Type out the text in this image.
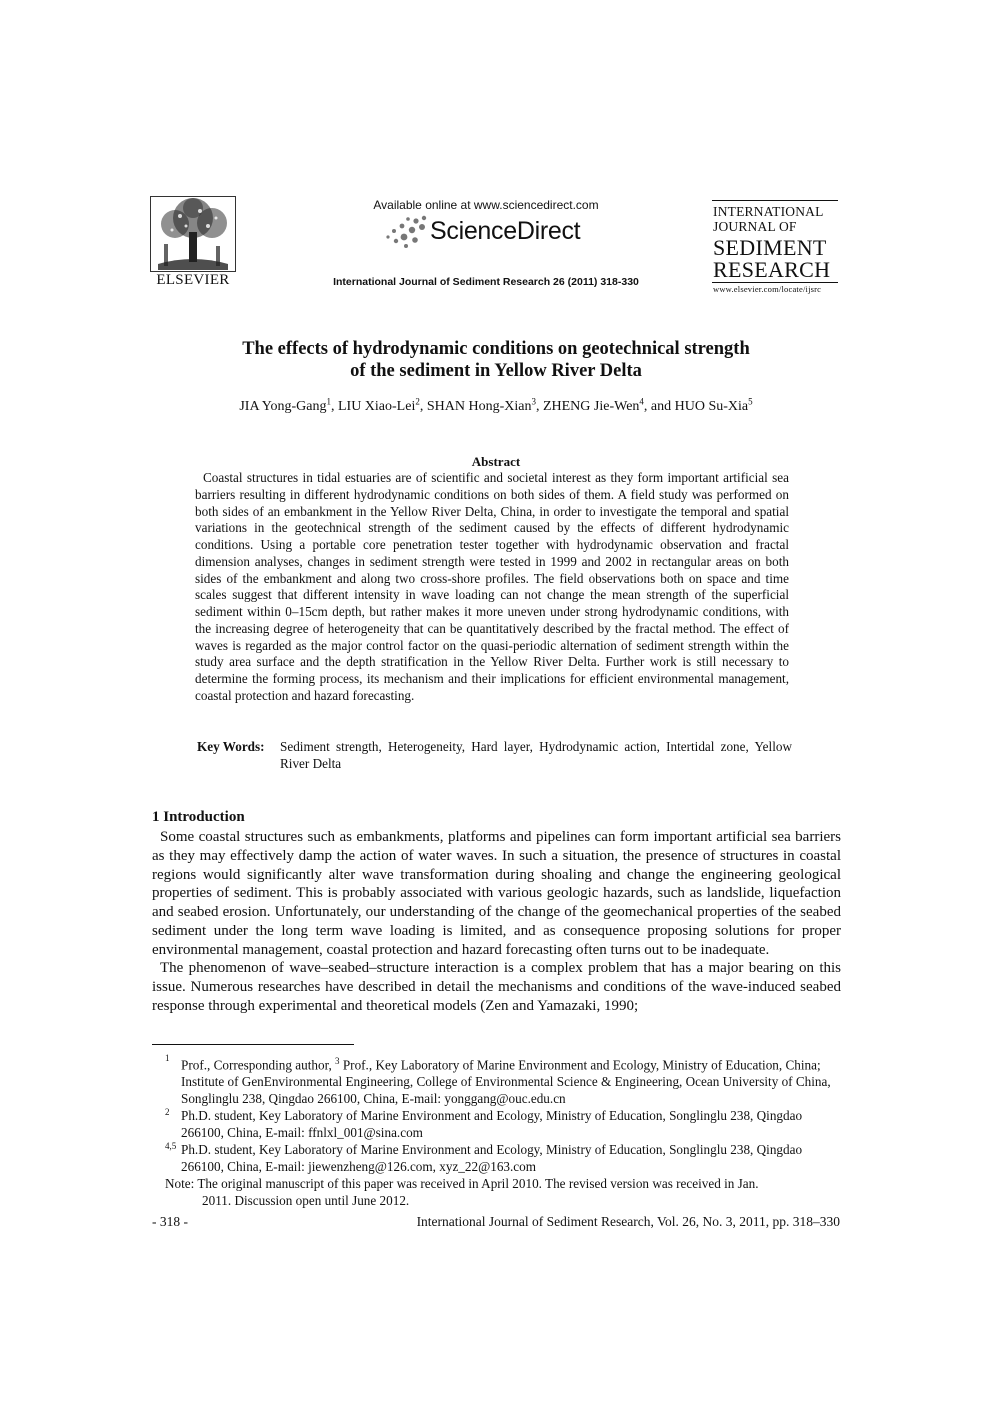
ELSEVIER
Available online at www.sciencedirect.com
ScienceDirect
International Journal of Sediment Research 26 (2011) 318-330
INTERNATIONAL
JOURNAL OF
SEDIMENT
RESEARCH
www.elsevier.com/locate/ijsrc
The effects of hydrodynamic conditions on geotechnical strength
of the sediment in Yellow River Delta
JIA Yong-Gang$^1$, LIU Xiao-Lei$^2$, SHAN Hong-Xian$^3$, ZHENG Jie-Wen$^4$, and HUO Su-Xia$^5$
Abstract
Coastal structures in tidal estuaries are of scientific and societal interest as they form important artificial sea barriers resulting in different hydrodynamic conditions on both sides of them. A field study was performed on both sides of an embankment in the Yellow River Delta, China, in order to investigate the temporal and spatial variations in the geotechnical strength of the sediment caused by the effects of different hydrodynamic conditions. Using a portable core penetration tester together with hydrodynamic observation and fractal dimension analyses, changes in sediment strength were tested in 1999 and 2002 in rectangular areas on both sides of the embankment and along two cross-shore profiles. The field observations both on space and time scales suggest that different intensity in wave loading can not change the mean strength of the superficial sediment within 0–15cm depth, but rather makes it more uneven under strong hydrodynamic conditions, with the increasing degree of heterogeneity that can be quantitatively described by the fractal method. The effect of waves is regarded as the major control factor on the quasi-periodic alternation of sediment strength within the study area surface and the depth stratification in the Yellow River Delta. Further work is still necessary to determine the forming process, its mechanism and their implications for efficient environmental management, coastal protection and hazard forecasting.
Key Words: Sediment strength, Heterogeneity, Hard layer, Hydrodynamic action, Intertidal zone, Yellow River Delta
1 Introduction

Some coastal structures such as embankments, platforms and pipelines can form important artificial sea barriers as they may effectively damp the action of water waves. In such a situation, the presence of structures in coastal regions would significantly alter wave transformation during shoaling and change the engineering geological properties of sediment. This is probably associated with various geologic hazards, such as landslide, liquefaction and seabed erosion. Unfortunately, our understanding of the change of the geomechanical properties of the seabed sediment under the long term wave loading is limited, and as consequence proposing solutions for proper environmental management, coastal protection and hazard forecasting often turns out to be inadequate.

The phenomenon of wave–seabed–structure interaction is a complex problem that has a major bearing on this issue. Numerous researches have described in detail the mechanisms and conditions of the wave-induced seabed response through experimental and theoretical models (Zen and Yamazaki, 1990;

1 Prof., Corresponding author, $^3$ Prof., Key Laboratory of Marine Environment and Ecology, Ministry of Education, China; Institute of GenEnvironmental Engineering, College of Environmental Science & Engineering, Ocean University of China, Songlinglu 238, Qingdao 266100, China, E-mail: yonggang@ouc.edu.cn
2 Ph.D. student, Key Laboratory of Marine Environment and Ecology, Ministry of Education, Songlinglu 238, Qingdao 266100, China, E-mail: ffnlxl_001@sina.com
4,5 Ph.D. student, Key Laboratory of Marine Environment and Ecology, Ministry of Education, Songlinglu 238, Qingdao 266100, China, E-mail: jiewenzheng@126.com, xyz_22@163.com
Note: The original manuscript of this paper was received in April 2010. The revised version was received in Jan.
2011. Discussion open until June 2012.
- 318 -	International Journal of Sediment Research, Vol. 26, No. 3, 2011, pp. 318–330
